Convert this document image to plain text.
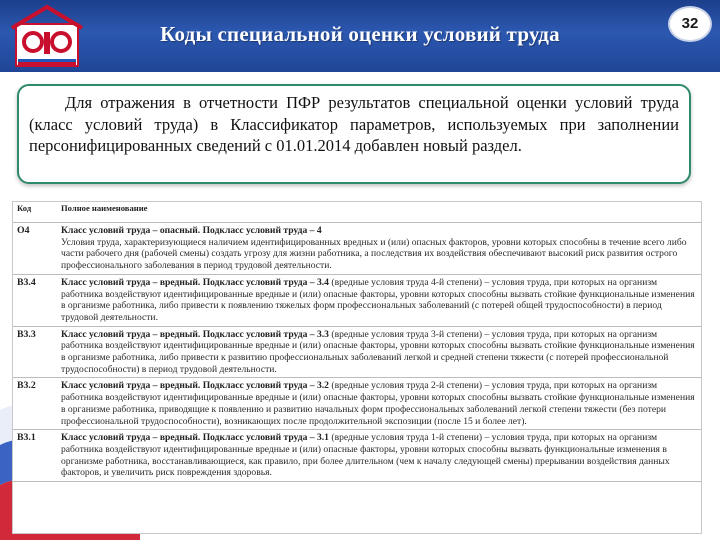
Коды специальной оценки условий труда	32

Для отражения в отчетности ПФР результатов специальной оценки условий труда (класс условий труда) в Классификатор параметров, используемых при заполнении персонифицированных сведений с 01.01.2014 добавлен новый раздел.

Код	Полное наименование
О4	Класс условий труда – опасный. Подкласс условий труда – 4
Условия труда, характеризующиеся наличием идентифицированных вредных и (или) опасных факторов, уровни которых способны в течение всего либо части рабочего дня (рабочей смены) создать угрозу для жизни работника, а последствия их воздействия обеспечивают высокий риск развития острого профессионального заболевания в период трудовой деятельности.

В3.4	Класс условий труда – вредный. Подкласс условий труда – 3.4 (вредные условия труда 4-й степени) – условия труда, при которых на организм работника воздействуют идентифицированные вредные и (или) опасные факторы, уровни которых способны вызвать стойкие функциональные изменения в организме работника, либо привести к появлению тяжелых форм профессиональных заболеваний (с потерей общей трудоспособности) в период трудовой деятельности.
В3.3	Класс условий труда – вредный. Подкласс условий труда – 3.3 (вредные условия труда 3-й степени) – условия труда, при которых на организм работника воздействуют идентифицированные вредные и (или) опасные факторы, уровни которых способны вызвать стойкие функциональные изменения в организме работника, либо привести к развитию профессиональных заболеваний легкой и средней степени тяжести (с потерей профессиональной трудоспособности) в период трудовой деятельности.
В3.2	Класс условий труда – вредный. Подкласс условий труда – 3.2 (вредные условия труда 2-й степени) – условия труда, при которых на организм работника воздействуют идентифицированные вредные и (или) опасные факторы, уровни которых способны вызвать стойкие функциональные изменения в организме работника, приводящие к появлению и развитию начальных форм профессиональных заболеваний легкой степени тяжести (без потери профессиональной трудоспособности), возникающих после продолжительной экспозиции (после 15 и более лет).
В3.1	Класс условий труда – вредный. Подкласс условий труда – 3.1 (вредные условия труда 1-й степени) – условия труда, при которых на организм работника воздействуют идентифицированные вредные и (или) опасные факторы, уровни которых способны вызвать функциональные изменения в организме работника, восстанавливающиеся, как правило, при более длительном (чем к началу следующей смены) прерывании воздействия данных факторов, и увеличить риск повреждения здоровья.
